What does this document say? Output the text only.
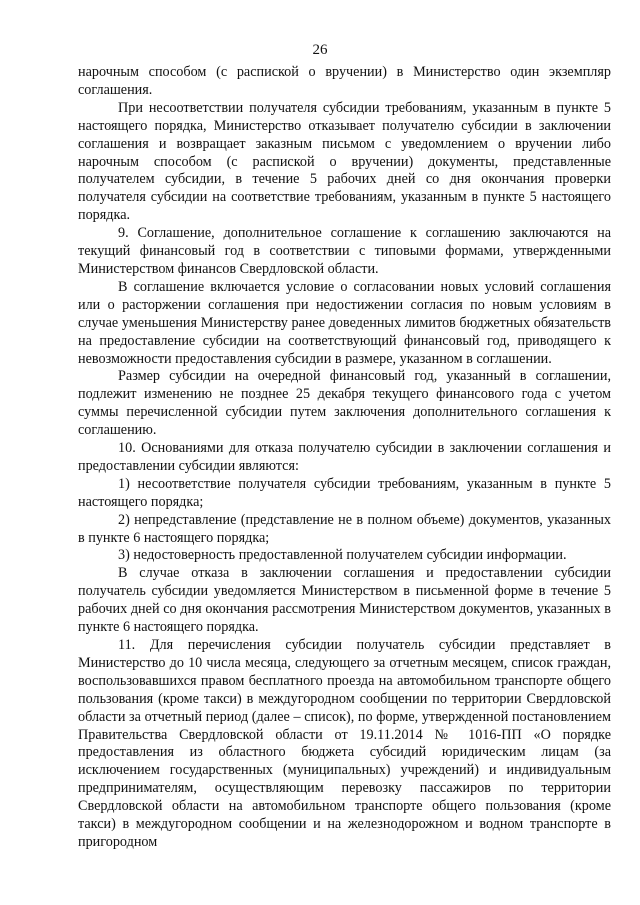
26

нарочным способом (с распиской о вручении) в Министерство один экземпляр соглашения.

При несоответствии получателя субсидии требованиям, указанным в пункте 5 настоящего порядка, Министерство отказывает получателю субсидии в заключении соглашения и возвращает заказным письмом с уведомлением о вручении либо нарочным способом (с распиской о вручении) документы, представленные получателем субсидии, в течение 5 рабочих дней со дня окончания проверки получателя субсидии на соответствие требованиям, указанным в пункте 5 настоящего порядка.

9. Соглашение, дополнительное соглашение к соглашению заключаются на текущий финансовый год в соответствии с типовыми формами, утвержденными Министерством финансов Свердловской области.

В соглашение включается условие о согласовании новых условий соглашения или о расторжении соглашения при недостижении согласия по новым условиям в случае уменьшения Министерству ранее доведенных лимитов бюджетных обязательств на предоставление субсидии на соответствующий финансовый год, приводящего к невозможности предоставления субсидии в размере, указанном в соглашении.

Размер субсидии на очередной финансовый год, указанный в соглашении, подлежит изменению не позднее 25 декабря текущего финансового года с учетом суммы перечисленной субсидии путем заключения дополнительного соглашения к соглашению.

10. Основаниями для отказа получателю субсидии в заключении соглашения и предоставлении субсидии являются:

1) несоответствие получателя субсидии требованиям, указанным в пункте 5 настоящего порядка;

2) непредставление (представление не в полном объеме) документов, указанных в пункте 6 настоящего порядка;

3) недостоверность предоставленной получателем субсидии информации.

В случае отказа в заключении соглашения и предоставлении субсидии получатель субсидии уведомляется Министерством в письменной форме в течение 5 рабочих дней со дня окончания рассмотрения Министерством документов, указанных в пункте 6 настоящего порядка.

11. Для перечисления субсидии получатель субсидии представляет в Министерство до 10 числа месяца, следующего за отчетным месяцем, список граждан, воспользовавшихся правом бесплатного проезда на автомобильном транспорте общего пользования (кроме такси) в междугородном сообщении по территории Свердловской области за отчетный период (далее – список), по форме, утвержденной постановлением Правительства Свердловской области от 19.11.2014 № 1016-ПП «О порядке предоставления из областного бюджета субсидий юридическим лицам (за исключением государственных (муниципальных) учреждений) и индивидуальным предпринимателям, осуществляющим перевозку пассажиров по территории Свердловской области на автомобильном транспорте общего пользования (кроме такси) в междугородном сообщении и на железнодорожном и водном транспорте в пригородном
